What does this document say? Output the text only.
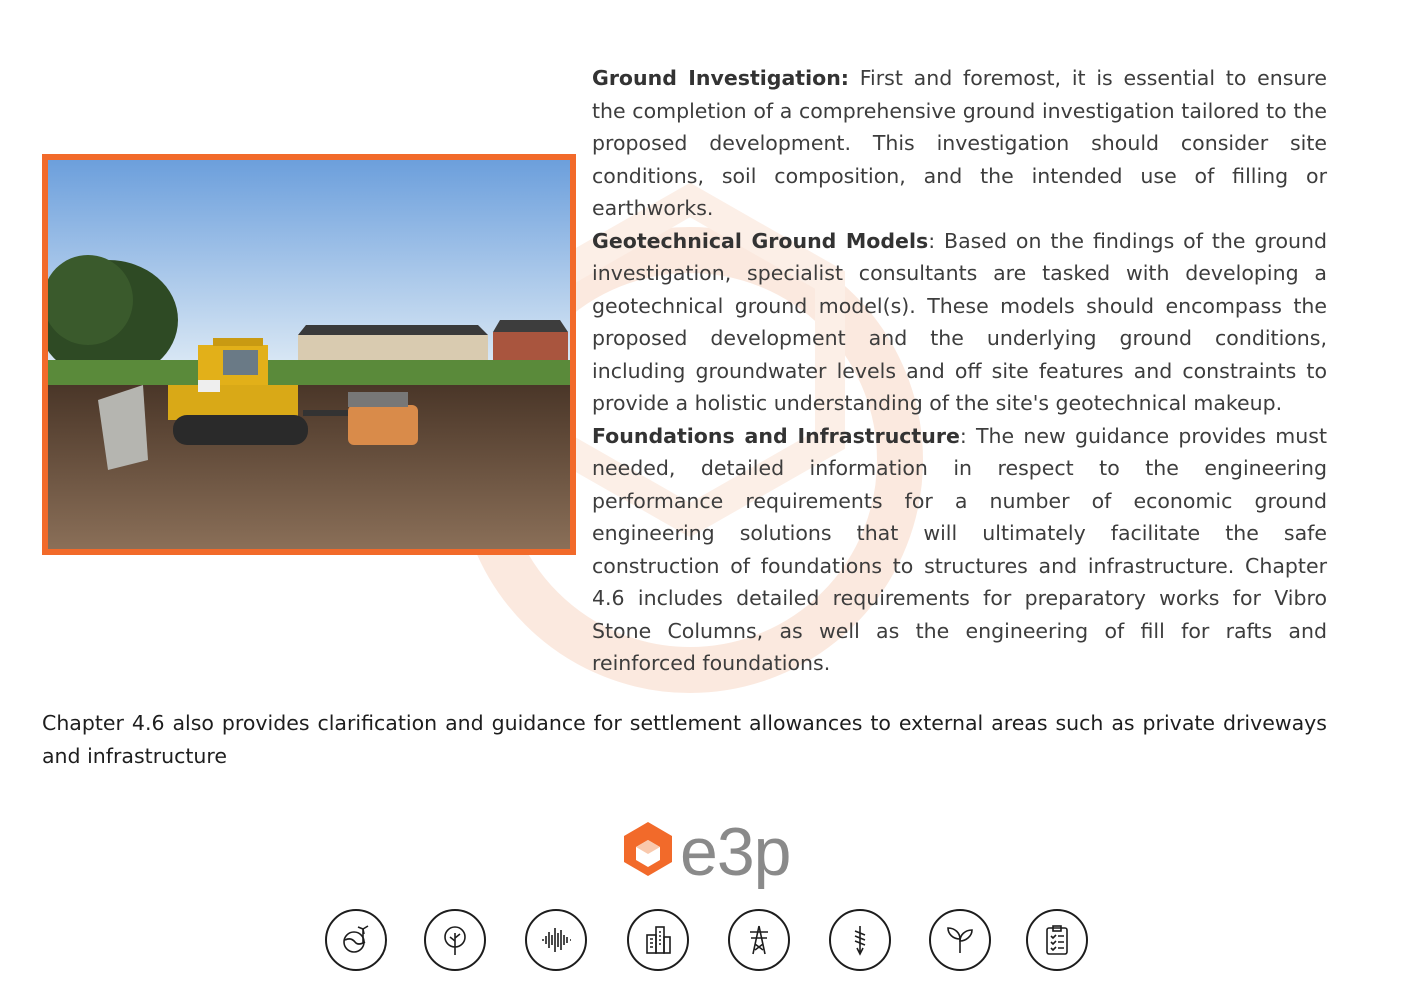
Ground Investigation: First and foremost, it is essential to ensure the completion of a comprehensive ground investigation tailored to the proposed development. This investigation should consider site conditions, soil composition, and the intended use of filling or earthworks.

Geotechnical Ground Models: Based on the findings of the ground investigation, specialist consultants are tasked with developing a geotechnical ground model(s). These models should encompass the proposed development and the underlying ground conditions, including groundwater levels and off site features and constraints to provide a holistic understanding of the site's geotechnical makeup.

Foundations and Infrastructure: The new guidance provides must needed, detailed information in respect to the engineering performance requirements for a number of economic ground engineering solutions that will ultimately facilitate the safe construction of foundations to structures and infrastructure. Chapter 4.6 includes detailed requirements for preparatory works for Vibro Stone Columns, as well as the engineering of fill for rafts and reinforced foundations.

Chapter 4.6 also provides clarification and guidance for settlement allowances to external areas such as private driveways and infrastructure
e3p
